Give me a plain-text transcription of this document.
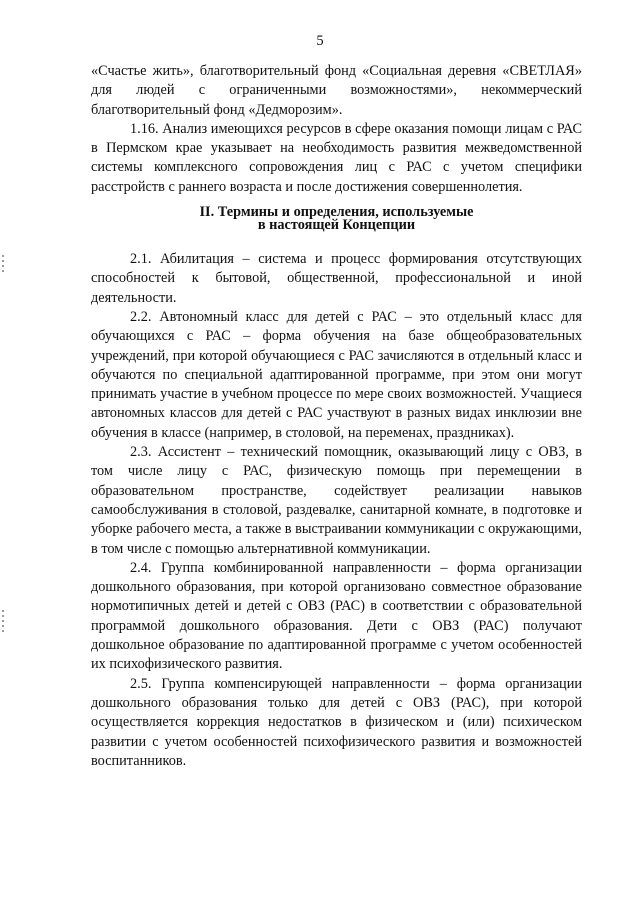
5

«Счастье жить», благотворительный фонд «Социальная деревня «СВЕТЛАЯ» для людей с ограниченными возможностями», некоммерческий благотворительный фонд «Дедморозим».

1.16. Анализ имеющихся ресурсов в сфере оказания помощи лицам с РАС в Пермском крае указывает на необходимость развития межведомственной системы комплексного сопровождения лиц с РАС с учетом специфики расстройств с раннего возраста и после достижения совершеннолетия.

II. Термины и определения, используемые
в настоящей Концепции

2.1. Абилитация – система и процесс формирования отсутствующих способностей к бытовой, общественной, профессиональной и иной деятельности.

2.2. Автономный класс для детей с РАС – это отдельный класс для обучающихся с РАС – форма обучения на базе общеобразовательных учреждений, при которой обучающиеся с РАС зачисляются в отдельный класс и обучаются по специальной адаптированной программе, при этом они могут принимать участие в учебном процессе по мере своих возможностей. Учащиеся автономных классов для детей с РАС участвуют в разных видах инклюзии вне обучения в классе (например, в столовой, на переменах, праздниках).

2.3. Ассистент – технический помощник, оказывающий лицу с ОВЗ, в том числе лицу с РАС, физическую помощь при перемещении в образовательном пространстве, содействует реализации навыков самообслуживания в столовой, раздевалке, санитарной комнате, в подготовке и уборке рабочего места, а также в выстраивании коммуникации с окружающими, в том числе с помощью альтернативной коммуникации.

2.4. Группа комбинированной направленности – форма организации дошкольного образования, при которой организовано совместное образование нормотипичных детей и детей с ОВЗ (РАС) в соответствии с образовательной программой дошкольного образования. Дети с ОВЗ (РАС) получают дошкольное образование по адаптированной программе с учетом особенностей их психофизического развития.

2.5. Группа компенсирующей направленности – форма организации дошкольного образования только для детей с ОВЗ (РАС), при которой осуществляется коррекция недостатков в физическом и (или) психическом развитии с учетом особенностей психофизического развития и возможностей воспитанников.
